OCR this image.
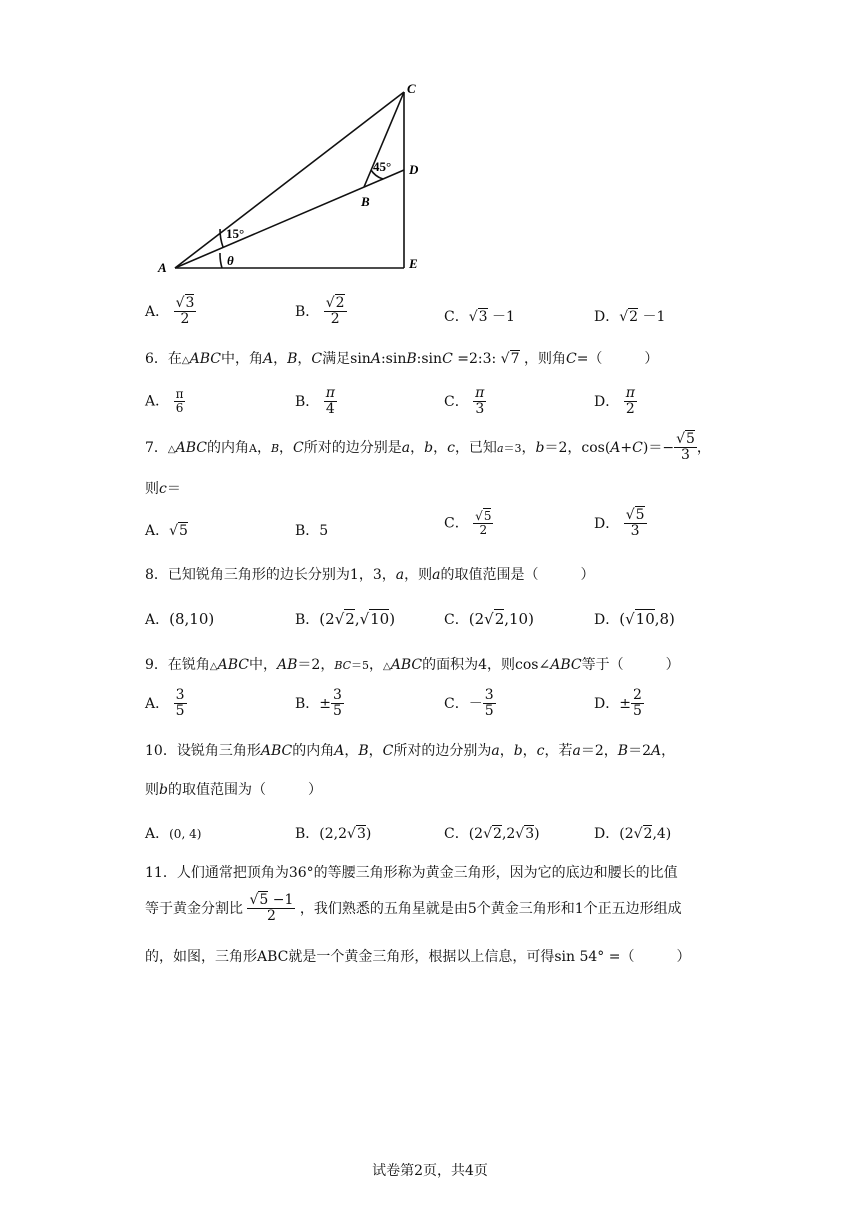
C
D
E
A
B
15°
45°
θ
A． $\frac{√3}{2}$	B． $\frac{√2}{2}$	C．√3 －1	D．√2 －1
6．在△ABC中，角A，B，C满足sinA:sinB:sinC =2:3: √7 ，则角C=（　　　）
A． $\frac{\pi}{6}$	B． $\frac{\pi}{4}$	C． $\frac{\pi}{3}$	D． $\frac{\pi}{2}$
7．△ABC的内角A，B，C所对的边分别是a，b，c，已知a＝3，b＝2，$\cos(A+C)=- \frac{√5}{3}$ ，
则c＝
A．√5	B．5	C． $\frac{√5}{2}$	D． $\frac{√5}{3}$
8．已知锐角三角形的边长分别为1，3，a，则a的取值范围是（　　　）
A．(8,10)	B．(2√2,√10)	C．(2√2,10)	D．(√10,8)
9．在锐角△ABC中，AB＝2，BC＝5，△ABC的面积为4，则cos∠ABC等于（　　　）
A． $\frac{3}{5}$	B．± $\frac{3}{5}$	C．－ $\frac{3}{5}$	D．± $\frac{2}{5}$
10．设锐角三角形ABC的内角A，B，C所对的边分别为a，b，c，若a＝2，B＝2A，
则b的取值范围为（　　　）
A．(0, 4)	B．(2,2√3)	C．(2√2,2√3)	D．(2√2,4)
11．人们通常把顶角为36°的等腰三角形称为黄金三角形，因为它的底边和腰长的比值
等于黄金分割比 $\frac{√5 -1}{2}$ ，我们熟悉的五角星就是由5个黄金三角形和1个正五边形组成
的，如图，三角形ABC就是一个黄金三角形，根据以上信息，可得sin 54° =（　　　）
试卷第2页，共4页
